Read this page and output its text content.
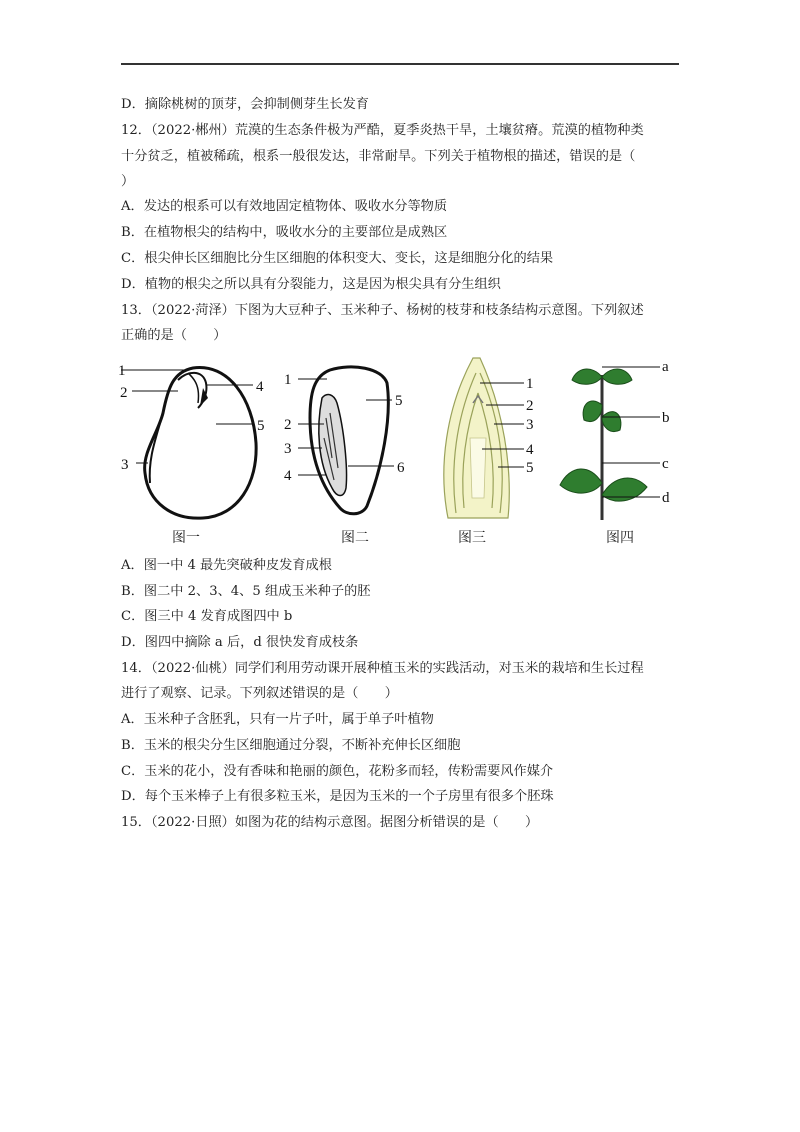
D．摘除桃树的顶芽，会抑制侧芽生长发育
12．（2022·郴州）荒漠的生态条件极为严酷，夏季炎热干旱，土壤贫瘠。荒漠的植物种类
十分贫乏，植被稀疏，根系一般很发达，非常耐旱。下列关于植物根的描述，错误的是（
）
A．发达的根系可以有效地固定植物体、吸收水分等物质
B．在植物根尖的结构中，吸收水分的主要部位是成熟区
C．根尖伸长区细胞比分生区细胞的体积变大、变长，这是细胞分化的结果
D．植物的根尖之所以具有分裂能力，这是因为根尖具有分生组织
13．（2022·菏泽）下图为大豆种子、玉米种子、杨树的枝芽和枝条结构示意图。下列叙述
正确的是（　　）
1
2	4
5
3
图一
1
5
2
3
4	6
图二
1
2
3
4
5
图三
a
b
c
d
图四
A．图一中 4 最先突破种皮发育成根
B．图二中 2、3、4、5 组成玉米种子的胚
C．图三中 4 发育成图四中 b
D．图四中摘除 a 后，d 很快发育成枝条
14．（2022·仙桃）同学们利用劳动课开展种植玉米的实践活动，对玉米的栽培和生长过程
进行了观察、记录。下列叙述错误的是（　　）
A．玉米种子含胚乳，只有一片子叶，属于单子叶植物
B．玉米的根尖分生区细胞通过分裂，不断补充伸长区细胞
C．玉米的花小，没有香味和艳丽的颜色，花粉多而轻，传粉需要风作媒介
D．每个玉米棒子上有很多粒玉米，是因为玉米的一个子房里有很多个胚珠
15．（2022·日照）如图为花的结构示意图。据图分析错误的是（　　）
